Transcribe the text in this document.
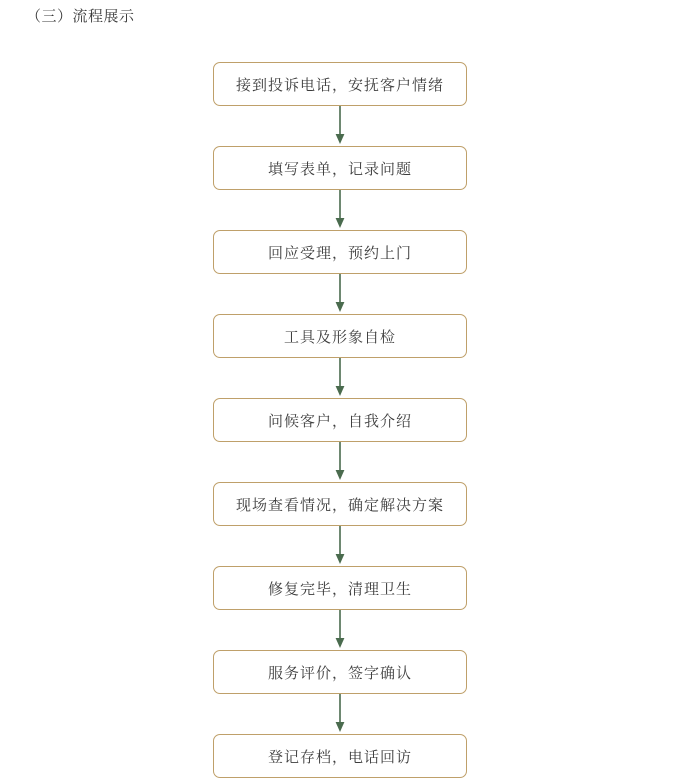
（三）流程展示
接到投诉电话，安抚客户情绪
填写表单，记录问题
回应受理，预约上门
工具及形象自检
问候客户，自我介绍
现场查看情况，确定解决方案
修复完毕，清理卫生
服务评价，签字确认
登记存档，电话回访
